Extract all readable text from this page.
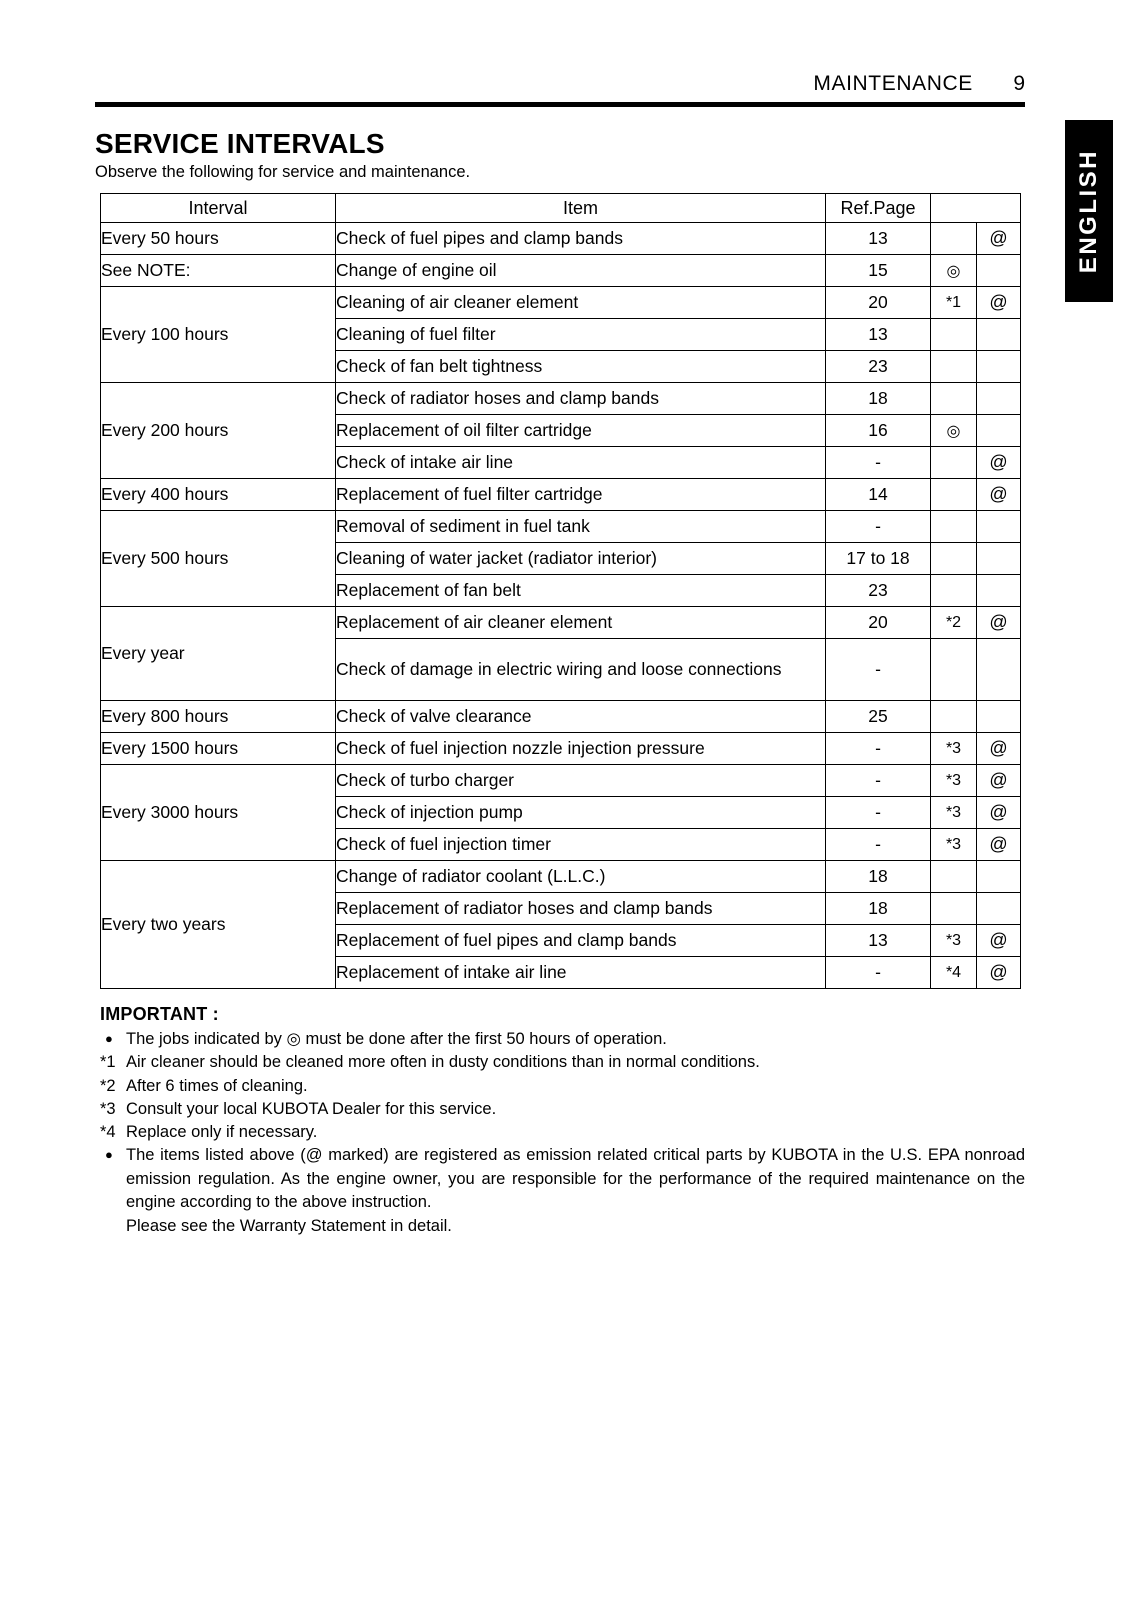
MAINTENANCE 9
ENGLISH
SERVICE INTERVALS
Observe the following for service and maintenance.
Interval	Item	Ref.Page		
Every 50 hours	Check of fuel pipes and clamp bands	13		@
See NOTE:	Change of engine oil	15	◎	
Every 100 hours	Cleaning of air cleaner element	20	*1	@
	Cleaning of fuel filter	13		
	Check of fan belt tightness	23		
Every 200 hours	Check of radiator hoses and clamp bands	18		
	Replacement of oil filter cartridge	16	◎	
	Check of intake air line	-		@
Every 400 hours	Replacement of fuel filter cartridge	14		@
Every 500 hours	Removal of sediment in fuel tank	-		
	Cleaning of water jacket (radiator interior)	17 to 18		
	Replacement of fan belt	23		
Every year	Replacement of air cleaner element	20	*2	@
	Check of damage in electric wiring and loose connections	-		
Every 800 hours	Check of valve clearance	25		
Every 1500 hours	Check of fuel injection nozzle injection pressure	-	*3	@
Every 3000 hours	Check of turbo charger	-	*3	@
	Check of injection pump	-	*3	@
	Check of fuel injection timer	-	*3	@
Every two years	Change of radiator coolant (L.L.C.)	18		
	Replacement of radiator hoses and clamp bands	18		
	Replacement of fuel pipes and clamp bands	13	*3	@
	Replacement of intake air line	-	*4	@
IMPORTANT :
● The jobs indicated by ◎ must be done after the first 50 hours of operation.
*1 Air cleaner should be cleaned more often in dusty conditions than in normal conditions.
*2 After 6 times of cleaning.
*3 Consult your local KUBOTA Dealer for this service.
*4 Replace only if necessary.
● The items listed above (@ marked) are registered as emission related critical parts by KUBOTA in the U.S. EPA nonroad emission regulation. As the engine owner, you are responsible for the performance of the required maintenance on the engine according to the above instruction.
Please see the Warranty Statement in detail.
